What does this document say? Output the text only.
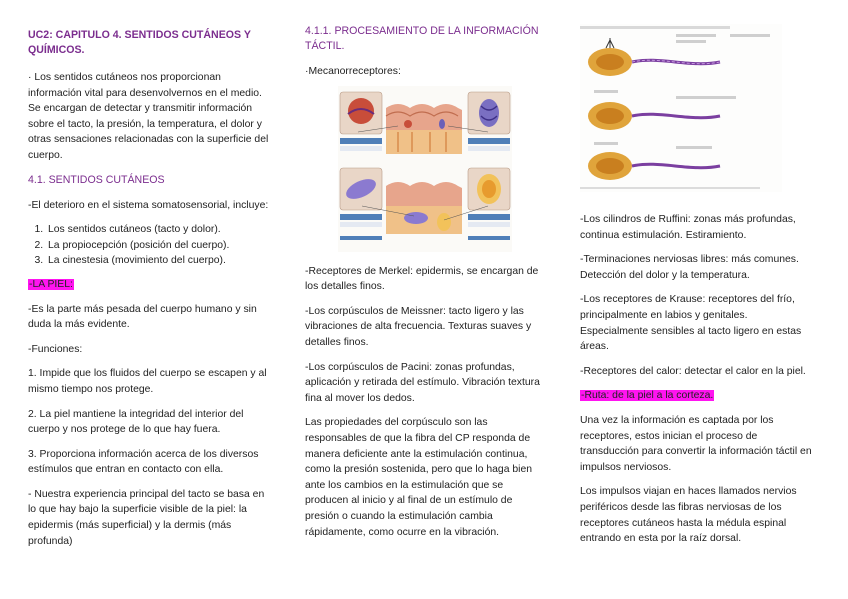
UC2: CAPITULO 4. SENTIDOS CUTÁNEOS Y QUÍMICOS.

· Los sentidos cutáneos nos proporcionan información vital para desenvolvernos en el medio. Se encargan de detectar y transmitir información sobre el tacto, la presión, la temperatura, el dolor y otras sensaciones relacionadas con la superficie del cuerpo.

4.1. SENTIDOS CUTÁNEOS

-El deterioro en el sistema somatosensorial, incluye:

1. Los sentidos cutáneos (tacto y dolor).
2. La propiocepción (posición del cuerpo).
3. La cinestesia (movimiento del cuerpo).
-LA PIEL:

-Es la parte más pesada del cuerpo humano y sin duda la más evidente.

-Funciones:

1. Impide que los fluidos del cuerpo se escapen y al mismo tiempo nos protege.

2. La piel mantiene la integridad del interior del cuerpo y nos protege de lo que hay fuera.

3. Proporciona información acerca de los diversos estímulos que entran en contacto con ella.

- Nuestra experiencia principal del tacto se basa en lo que hay bajo la superficie visible de la piel: la epidermis (más superficial) y la dermis (más profunda)

4.1.1. PROCESAMIENTO DE LA INFORMACIÓN TÁCTIL.

·Mecanorreceptores:

-Receptores de Merkel: epidermis, se encargan de los detalles finos.

-Los corpúsculos de Meissner: tacto ligero y las vibraciones de alta frecuencia. Texturas suaves y detalles finos.

-Los corpúsculos de Pacini: zonas profundas, aplicación y retirada del estímulo. Vibración textura fina al mover los dedos.

Las propiedades del corpúsculo son las responsables de que la fibra del CP responda de manera deficiente ante la estimulación continua, como la presión sostenida, pero que lo haga bien ante los cambios en la estimulación que se producen al inicio y al final de un estímulo de presión o cuando la estimulación cambia rápidamente, como ocurre en la vibración.

-Los cilindros de Ruffini: zonas más profundas, continua estimulación. Estiramiento.

-Terminaciones nerviosas libres: más comunes. Detección del dolor y la temperatura.

-Los receptores de Krause: receptores del frío, principalmente en labios y genitales. Especialmente sensibles al tacto ligero en estas áreas.

-Receptores del calor: detectar el calor en la piel.

-Ruta: de la piel a la corteza.

Una vez la información es captada por los receptores, estos inician el proceso de transducción para convertir la información táctil en impulsos nerviosos.

Los impulsos viajan en haces llamados nervios periféricos desde las fibras nerviosas de los receptores cutáneos hasta la médula espinal entrando en esta por la raíz dorsal.
